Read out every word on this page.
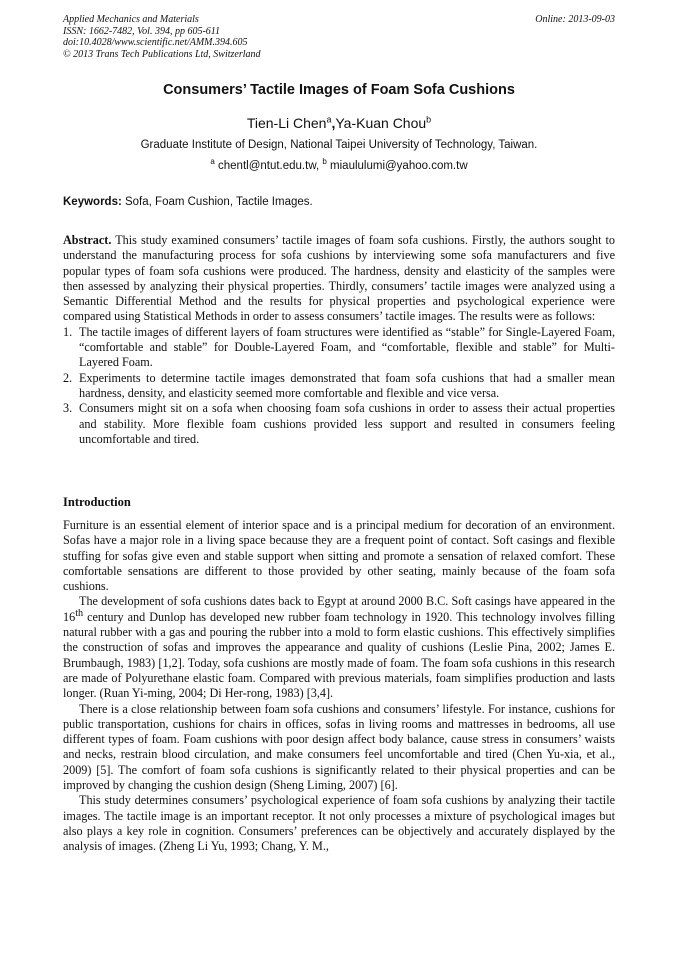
Applied Mechanics and Materials
ISSN: 1662-7482, Vol. 394, pp 605-611
doi:10.4028/www.scientific.net/AMM.394.605
© 2013 Trans Tech Publications Ltd, Switzerland
Online: 2013-09-03
Consumers’ Tactile Images of Foam Sofa Cushions
Tien-Li Chen$^a$,Ya-Kuan Chou$^b$
Graduate Institute of Design, National Taipei University of Technology, Taiwan.
$^a$ chentl@ntut.edu.tw, $^b$ miaululumi@yahoo.com.tw
Keywords: Sofa, Foam Cushion, Tactile Images.
Abstract. This study examined consumers’ tactile images of foam sofa cushions. Firstly, the authors sought to understand the manufacturing process for sofa cushions by interviewing some sofa manufacturers and five popular types of foam sofa cushions were produced. The hardness, density and elasticity of the samples were then assessed by analyzing their physical properties. Thirdly, consumers’ tactile images were analyzed using a Semantic Differential Method and the results for physical properties and psychological experience were compared using Statistical Methods in order to assess consumers’ tactile images. The results were as follows:
1. The tactile images of different layers of foam structures were identified as “stable” for Single-Layered Foam, “comfortable and stable” for Double-Layered Foam, and “comfortable, flexible and stable” for Multi-Layered Foam.
2. Experiments to determine tactile images demonstrated that foam sofa cushions that had a smaller mean hardness, density, and elasticity seemed more comfortable and flexible and vice versa.
3. Consumers might sit on a sofa when choosing foam sofa cushions in order to assess their actual properties and stability. More flexible foam cushions provided less support and resulted in consumers feeling uncomfortable and tired.
Introduction

Furniture is an essential element of interior space and is a principal medium for decoration of an environment. Sofas have a major role in a living space because they are a frequent point of contact. Soft casings and flexible stuffing for sofas give even and stable support when sitting and promote a sensation of relaxed comfort. These comfortable sensations are different to those provided by other seating, mainly because of the foam sofa cushions.

The development of sofa cushions dates back to Egypt at around 2000 B.C. Soft casings have appeared in the 16th century and Dunlop has developed new rubber foam technology in 1920. This technology involves filling natural rubber with a gas and pouring the rubber into a mold to form elastic cushions. This effectively simplifies the construction of sofas and improves the appearance and quality of cushions (Leslie Pina, 2002; James E. Brumbaugh, 1983) [1,2]. Today, sofa cushions are mostly made of foam. The foam sofa cushions in this research are made of Polyurethane elastic foam. Compared with previous materials, foam simplifies production and lasts longer. (Ruan Yi-ming, 2004; Di Her-rong, 1983) [3,4].

There is a close relationship between foam sofa cushions and consumers’ lifestyle. For instance, cushions for public transportation, cushions for chairs in offices, sofas in living rooms and mattresses in bedrooms, all use different types of foam. Foam cushions with poor design affect body balance, cause stress in consumers’ waists and necks, restrain blood circulation, and make consumers feel uncomfortable and tired (Chen Yu-xia, et al., 2009) [5]. The comfort of foam sofa cushions is significantly related to their physical properties and can be improved by changing the cushion design (Sheng Liming, 2007) [6].

This study determines consumers’ psychological experience of foam sofa cushions by analyzing their tactile images. The tactile image is an important receptor. It not only processes a mixture of psychological images but also plays a key role in cognition. Consumers’ preferences can be objectively and accurately displayed by the analysis of images. (Zheng Li Yu, 1993; Chang, Y. M.,
